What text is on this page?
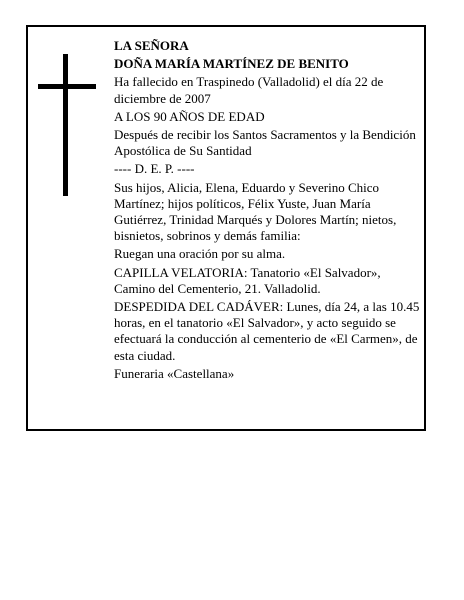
LA SEÑORA

DOÑA MARÍA MARTÍNEZ DE BENITO

Ha fallecido en Traspinedo (Valladolid) el día 22 de diciembre de 2007

A LOS 90 AÑOS DE EDAD

Después de recibir los Santos Sacramentos y la Bendición Apostólica de Su Santidad

---- D. E. P. ----

Sus hijos, Alicia, Elena, Eduardo y Severino Chico Martínez; hijos políticos, Félix Yuste, Juan María Gutiérrez, Trinidad Marqués y Dolores Martín; nietos, bisnietos, sobrinos y demás familia:

Ruegan una oración por su alma.

CAPILLA VELATORIA: Tanatorio «El Salvador», Camino del Cementerio, 21. Valladolid.

DESPEDIDA DEL CADÁVER: Lunes, día 24, a las 10.45 horas, en el tanatorio «El Salvador», y acto seguido se efectuará la conducción al cementerio de «El Carmen», de esta ciudad.

Funeraria «Castellana»
